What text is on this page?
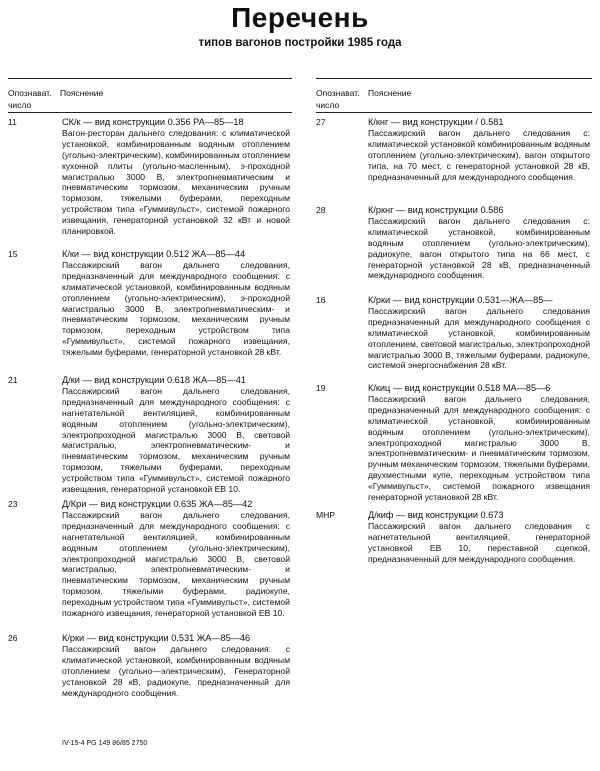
Перечень
типов вагонов постройки 1985 года
Опознават. Пояснение
число
11	СК/к — вид конструкции 0.356 РА—85—18
Вагон-ресторан дальнего следования: с климатической установкой, комбинированным водяным отоплением (угольно-электрическим), комбинированным отоплением кухонной плиты (угольно-масленным), э-проходной магистралью 3000 В, электропневматическим и пневматическим тормозом, механическим ручным тормозом, тяжелыми буферами, переходным устройством типа «Гуммивульст», системой пожарного извещания, генераторной установкой 32 кВт и новой планировкой.
15	К/ки — вид конструкции 0.512 ЖА—85—44
Пассажирский вагон дальнего следования, предназначенный для международного сообщения: с климатической установкой, комбинированным водяным отоплением (угольно-электрическим), э-проходной магистралью 3000 В, электропневматическим- и пневматическим тормозом, механическим ручным тормозом, переходным устройством типа «Гуммивульст», системой пожарного извещания, тяжелыми буферами, генераторной установкой 28 кВт.
21	Д/ки — вид конструкции 0.618 ЖА—85—41
Пассажирский вагон дальнего следования, предназначенный для международного сообщения: с нагнетательной вентиляцией, комбинированным водяным отоплением (угольно-электрическим), электропроходной магистралью 3000 В, световой магистралью, электропневматическим- и пневматическим тормозом, механическим ручным тормозом, тяжелыми буферами, переходным устройством типа «Гуммивульст», системой пожарного извещания, генераторной установкой ЕВ 10.
23	Д/Кри — вид конструкции 0.635 ЖА—85—42
Пассажирский вагон дальнего следования, предназначенный для международного сообщения: с нагнетательной вентиляцией, комбинированным водяным отоплением (угольно-электрическим), электропроходной магистралью 3000 В, световой магистралью, электропневматическим- и пневматическим тормозом, механическим ручным тормозом, тяжелыми буферами, радиокупе, переходным устройством типа «Гуммивульст», системой пожарного извещания, генераторной установкой ЕВ 10.
26	К/рки — вид конструкции 0.531 ЖА—85—46
Пассажирский вагон дальнего следования: с климатической установкой, комбинированным водяным отоплением (угольно—электрическим), Генераторной установкой 28 кВ, радиокупе, предназначенный для международного сообщения.
Опознават. Пояснение
число
27	К/кнг — вид конструкции / 0.581
Пассажирский вагон дальнего следования с: климатической установкой комбинированным водяным отоплением (угольно-электрическим), вагон открытого типа, на 70 мест, с генераторной установкой 28 кВ, предназначенный для международного сообщения.
28	К/ркнг — вид конструкции 0.586
Пассажирский вагон дальнего следования с: климатической установкой, комбинированным водяным отоплением (угольно-электрическим), радиокупе, вагон открытого типа на 66 мест, с генераторной установкой 28 кВ, предназначенный международного сообщения.
16	К/рки — вид конструкции 0.531—ЖА—85—
Пассажирский вагон дальнего следования предназначенный для международного сообщения с климатической установкой, комбинированным отоплением, световой магистралью, электропроходной магистралью 3000 В, тяжелыми буферами, радиокупе, системой энергоснабжения 28 кВт.
19	К/киц — вид конструкции 0.518 МА—85—6
Пассажирский вагон дальнего следования, предназначенный для международного сообщения: с климатической установкой, комбинированным водяным отоплением (угольно-электрическим), электропроходной магистралью 3000 В, электропневматическим- и пневматическим тормозом, ручным механическим тормозом, тяжелыми буферами, двухместными купе, переходным устройством типа «Гуммивульст», системой пожарного извещания генераторной установкой 28 кВт.
МНР	Д/киф — вид конструкции 0.673
Пассажирский вагон дальнего следования с нагнетательной вентиляцией, генераторной установкой ЕВ 10, переставной сцепкой, предназначенный для международного сообщения.
IV-15-4 PG 149 86/85 2750
